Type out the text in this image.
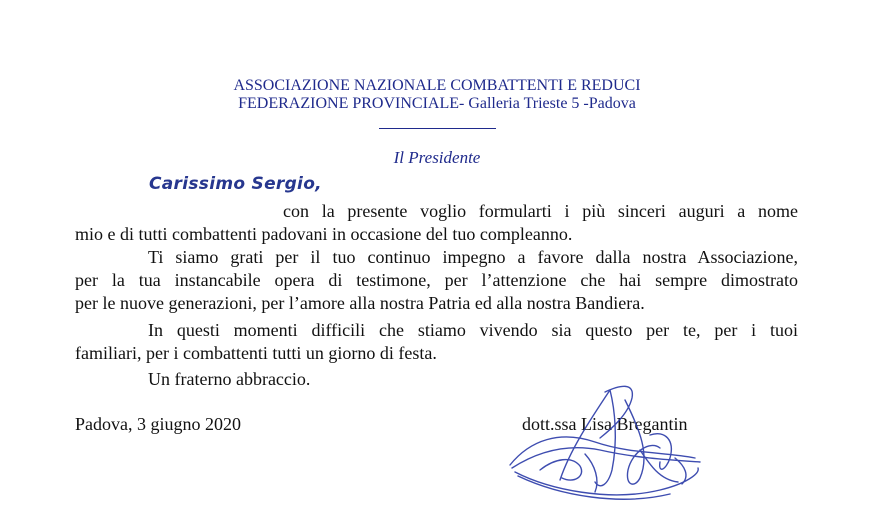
ASSOCIAZIONE NAZIONALE COMBATTENTI E REDUCI
FEDERAZIONE PROVINCIALE- Galleria Trieste 5 -Padova
Il Presidente
Carissimo Sergio,
con la presente voglio formularti i più sinceri auguri a nome
mio e di tutti combattenti padovani in occasione del tuo compleanno.
Ti siamo grati per il tuo continuo impegno a favore dalla nostra Associazione,
per la tua instancabile opera di testimone, per l’attenzione che hai sempre dimostrato
per le nuove generazioni, per l’amore alla nostra Patria ed alla nostra Bandiera.
In questi momenti difficili che stiamo vivendo sia questo per te, per i tuoi
familiari, per i combattenti tutti un giorno di festa.
Un fraterno abbraccio.
Padova, 3 giugno 2020	dott.ssa Lisa Bregantin
